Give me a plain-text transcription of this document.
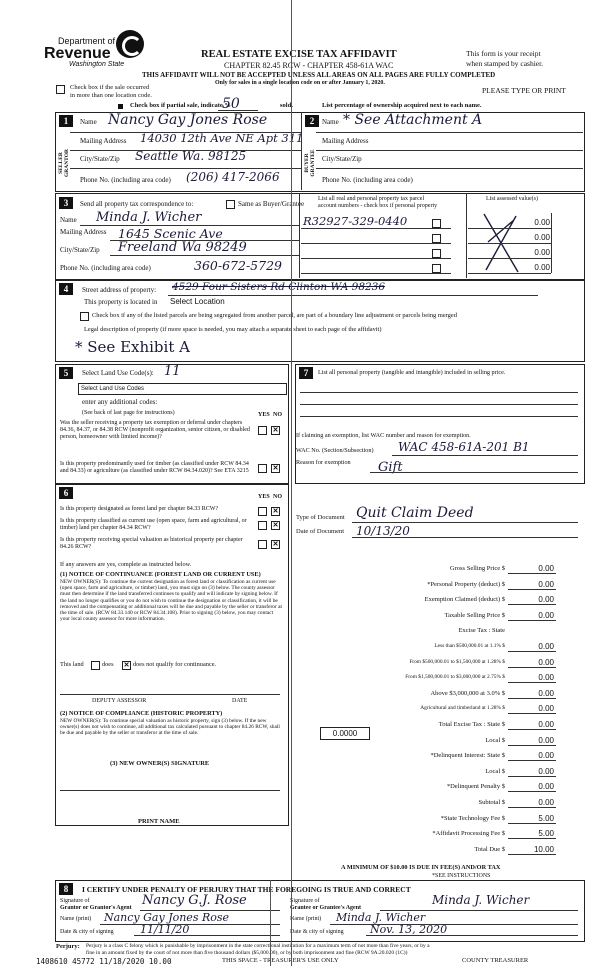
Department of
Revenue
Washington State
REAL ESTATE EXCISE TAX AFFIDAVIT
CHAPTER 82.45 RCW - CHAPTER 458-61A WAC
THIS AFFIDAVIT WILL NOT BE ACCEPTED UNLESS ALL AREAS ON ALL PAGES ARE FULLY COMPLETED
Only for sales in a single location code on or after January 1, 2020.
This form is your receipt
when stamped by cashier.
PLEASE TYPE OR PRINT
Check box if the sale occurred
in more than one location code.
Check box if partial sale, indicate %
50	sold.	List percentage of ownership acquired next to each name.
1
SELLER GRANTOR
Name Nancy Gay Jones Rose
Mailing Address 14030 12th Ave NE Apt 311
City/State/Zip Seattle Wa. 98125
Phone No. (including area code) (206) 417-2066
2
BUYER GRANTEE
Name * See Attachment A
Mailing Address
City/State/Zip
Phone No. (including area code)
3	Send all property tax correspondence to:	Same as Buyer/Grantee
Name Minda J. Wicher
Mailing Address 1645 Scenic Ave
City/State/Zip Freeland Wa 98249
Phone No. (including area code)	360-672-5729
List all real and personal property tax parcel
account numbers - check box if personal property
List assessed value(s)
R32927-329-0440	0.00
0.00
0.00
0.00
4	Street address of property: 4529 Four Sisters Rd Clinton WA 98236
This property is located in Select Location
Check box if any of the listed parcels are being segregated from another parcel, are part of a boundary line adjustment or parcels being merged
Legal description of property (if more space is needed, you may attach a separate sheet to each page of the affidavit)
* See Exhibit A
5	Select Land Use Code(s): 11
Select Land Use Codes
enter any additional codes:
(See back of last page for instructions)	YES NO
Was the seller receiving a property tax exemption or deferral under chapters 84.36, 84.37, or 84.38 RCW (nonprofit organization, senior citizen, or disabled person, homeowner with limited income)?
✕
Is this property predominantly used for timber (as classified under RCW 84.34 and 84.33) or agriculture (as classified under RCW 84.34.020)? See ETA 3215	✕
6	YES NO
Is this property designated as forest land per chapter 84.33 RCW?	✕
Is this property classified as current use (open space, farm and agricultural, or timber) land per chapter 84.34 RCW?	✕
Is this property receiving special valuation as historical property per chapter 84.26 RCW?	✕
If any answers are yes, complete as instructed below.
(1) NOTICE OF CONTINUANCE (FOREST LAND OR CURRENT USE)
NEW OWNER(S): To continue the current designation as forest land or classification as current use (open space, farm and agriculture, or timber) land, you must sign on (3) below. The county assessor must then determine if the land transferred continues to qualify and will indicate by signing below. If the land no longer qualifies or you do not wish to continue the designation or classification, it will be removed and the compensating or additional taxes will be due and payable by the seller or transferor at the time of sale. (RCW 84.33.140 or RCW 84.34.108). Prior to signing (3) below, you may contact your local county assessor for more information.
This land	does ✕ does not qualify for continuance.
DEPUTY ASSESSOR	DATE
(2) NOTICE OF COMPLIANCE (HISTORIC PROPERTY)
NEW OWNER(S): To continue special valuation as historic property, sign (3) below. If the new owner(s) does not wish to continue, all additional tax calculated pursuant to chapter 84.26 RCW, shall be due and payable by the seller or transferor at the time of sale.
(3) NEW OWNER(S) SIGNATURE
PRINT NAME
7	List all personal property (tangible and intangible) included in selling price.
If claiming an exemption, list WAC number and reason for exemption.
WAC No. (Section/Subsection) WAC 458-61A-201 B1
Reason for exemption Gift
Type of Document Quit Claim Deed
Date of Document 10/13/20
Gross Selling Price $	0.00
*Personal Property (deduct) $	0.00
Exemption Claimed (deduct) $	0.00
Taxable Selling Price $	0.00
Excise Tax : State
Less than $500,000.01 at 1.1% $	0.00
From $500,000.01 to $1,500,000 at 1.28% $	0.00
From $1,500,000.01 to $3,000,000 at 2.75% $	0.00
Above $3,000,000 at 3.0% $	0.00
Agricultural and timberland at 1.28% $	0.00
Total Excise Tax : State $	0.00
Local $	0.00
*Delinquent Interest: State $	0.00
Local $	0.00
*Delinquent Penalty $	0.00
Subtotal $	0.00
*State Technology Fee $	5.00
*Affidavit Processing Fee $	5.00
Total Due $	10.00
0.0000
A MINIMUM OF $10.00 IS DUE IN FEE(S) AND/OR TAX
*SEE INSTRUCTIONS
8	I CERTIFY UNDER PENALTY OF PERJURY THAT THE FOREGOING IS TRUE AND CORRECT
Signature of
Grantor or Grantor's Agent Nancy G.J. Rose
Name (print) Nancy Gay Jones Rose
Date & city of signing 11/11/20
Signature of
Grantee or Grantee's Agent
Minda J. Wicher
Name (print) Minda J. Wicher
Date & city of signing Nov. 13, 2020
Perjury: Perjury is a class C felony which is punishable by imprisonment in the state correctional institution for a maximum term of not more than five years, or by a
fine in an amount fixed by the court of not more than five thousand dollars ($5,000.00), or by both imprisonment and fine (RCW 9A.20.020 (1C))
1408610 45772 11/18/2020 10.00	THIS SPACE - TREASURER'S USE ONLY	COUNTY TREASURER
